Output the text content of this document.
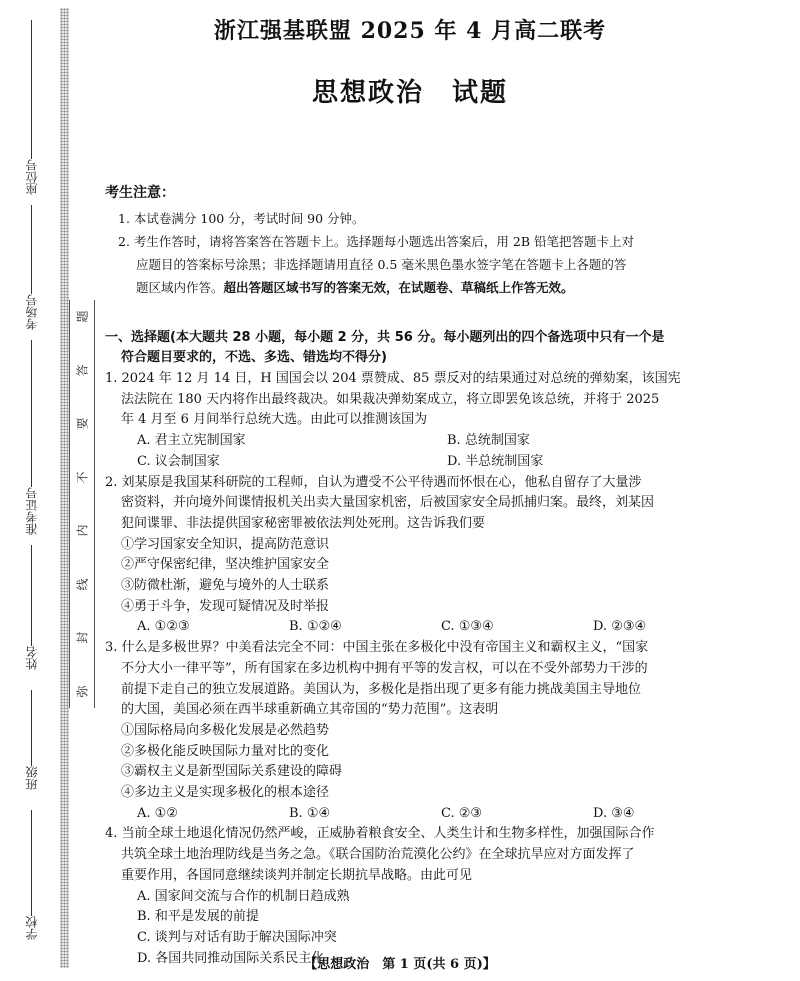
座位号
考场号
准考证号
姓名
班级
学校
题
答
要
不
内
线
封
弥
浙江强基联盟 2025 年 4 月高二联考
思想政治　试题
考生注意：

1. 本试卷满分 100 分，考试时间 90 分钟。

2. 考生作答时，请将答案答在答题卡上。选择题每小题选出答案后，用 2B 铅笔把答题卡上对

应题目的答案标号涂黑；非选择题请用直径 0.5 毫米黑色墨水签字笔在答题卡上各题的答

题区域内作答。超出答题区域书写的答案无效，在试题卷、草稿纸上作答无效。

一、选择题(本大题共 28 小题，每小题 2 分，共 56 分。每小题列出的四个备选项中只有一个是
符合题目要求的，不选、多选、错选均不得分)
1. 2024 年 12 月 14 日，H 国国会以 204 票赞成、85 票反对的结果通过对总统的弹劾案，该国宪
法法院在 180 天内将作出最终裁决。如果裁决弹劾案成立，将立即罢免该总统，并将于 2025
年 4 月至 6 月间举行总统大选。由此可以推测该国为
A. 君主立宪制国家	B. 总统制国家
C. 议会制国家	D. 半总统制国家
2. 刘某原是我国某科研院的工程师，自认为遭受不公平待遇而怀恨在心，他私自留存了大量涉
密资料，并向境外间谍情报机关出卖大量国家机密，后被国家安全局抓捕归案。最终，刘某因
犯间谍罪、非法提供国家秘密罪被依法判处死刑。这告诉我们要
①学习国家安全知识，提高防范意识
②严守保密纪律，坚决维护国家安全
③防微杜渐，避免与境外的人士联系
④勇于斗争，发现可疑情况及时举报
A. ①②③	B. ①②④	C. ①③④	D. ②③④
3. 什么是多极世界？中美看法完全不同：中国主张在多极化中没有帝国主义和霸权主义，“国家
不分大小一律平等”，所有国家在多边机构中拥有平等的发言权，可以在不受外部势力干涉的
前提下走自己的独立发展道路。美国认为，多极化是指出现了更多有能力挑战美国主导地位
的大国，美国必须在西半球重新确立其帝国的“势力范围”。这表明
①国际格局向多极化发展是必然趋势
②多极化能反映国际力量对比的变化
③霸权主义是新型国际关系建设的障碍
④多边主义是实现多极化的根本途径
A. ①②	B. ①④	C. ②③	D. ③④
4. 当前全球土地退化情况仍然严峻，正威胁着粮食安全、人类生计和生物多样性，加强国际合作
共筑全球土地治理防线是当务之急。《联合国防治荒漠化公约》在全球抗旱应对方面发挥了
重要作用，各国同意继续谈判并制定长期抗旱战略。由此可见
A. 国家间交流与合作的机制日趋成熟
B. 和平是发展的前提
C. 谈判与对话有助于解决国际冲突
D. 各国共同推动国际关系民主化
【思想政治　第 1 页(共 6 页)】
